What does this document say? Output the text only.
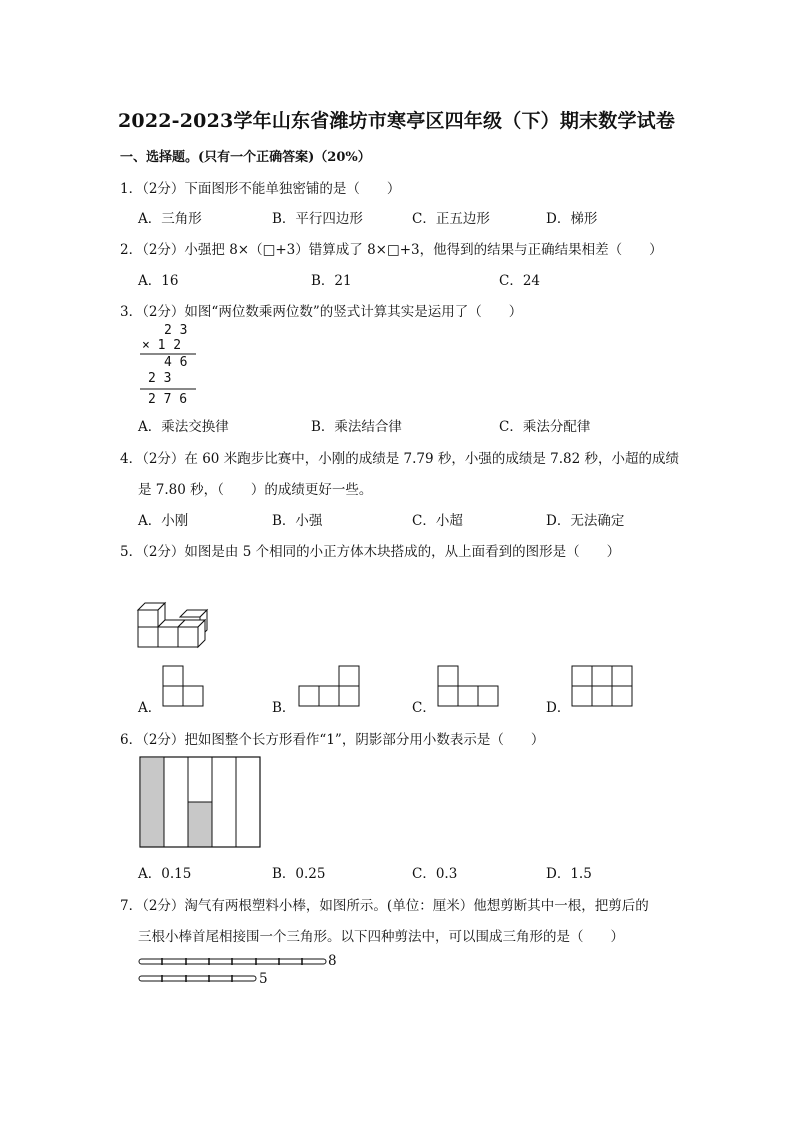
2022-2023学年山东省潍坊市寒亭区四年级（下）期末数学试卷
一、选择题。(只有一个正确答案)（20%）
1．（2分）下面图形不能单独密铺的是（　　）
A．三角形	B．平行四边形	C．正五边形	D．梯形
2．（2分）小强把 8×（□+3）错算成了 8×□+3，他得到的结果与正确结果相差（　　）
A．16	B．21	C．24
3．（2分）如图“两位数乘两位数”的竖式计算其实是运用了（　　）
2 3
× 1 2
4 6
2 3
2 7 6
A．乘法交换律	B．乘法结合律	C．乘法分配律
4．（2分）在 60 米跑步比赛中，小刚的成绩是 7.79 秒，小强的成绩是 7.82 秒，小超的成绩
是 7.80 秒，（　　）的成绩更好一些。
A．小刚	B．小强	C．小超	D．无法确定
5．（2分）如图是由 5 个相同的小正方体木块搭成的，从上面看到的图形是（　　）
A．	B．	C．	D．
6．（2分）把如图整个长方形看作“1”，阴影部分用小数表示是（　　）
A．0.15	B．0.25	C．0.3	D．1.5
7．（2分）淘气有两根塑料小棒，如图所示。(单位：厘米）他想剪断其中一根，把剪后的
三根小棒首尾相接围一个三角形。以下四种剪法中，可以围成三角形的是（　　）
8
5
